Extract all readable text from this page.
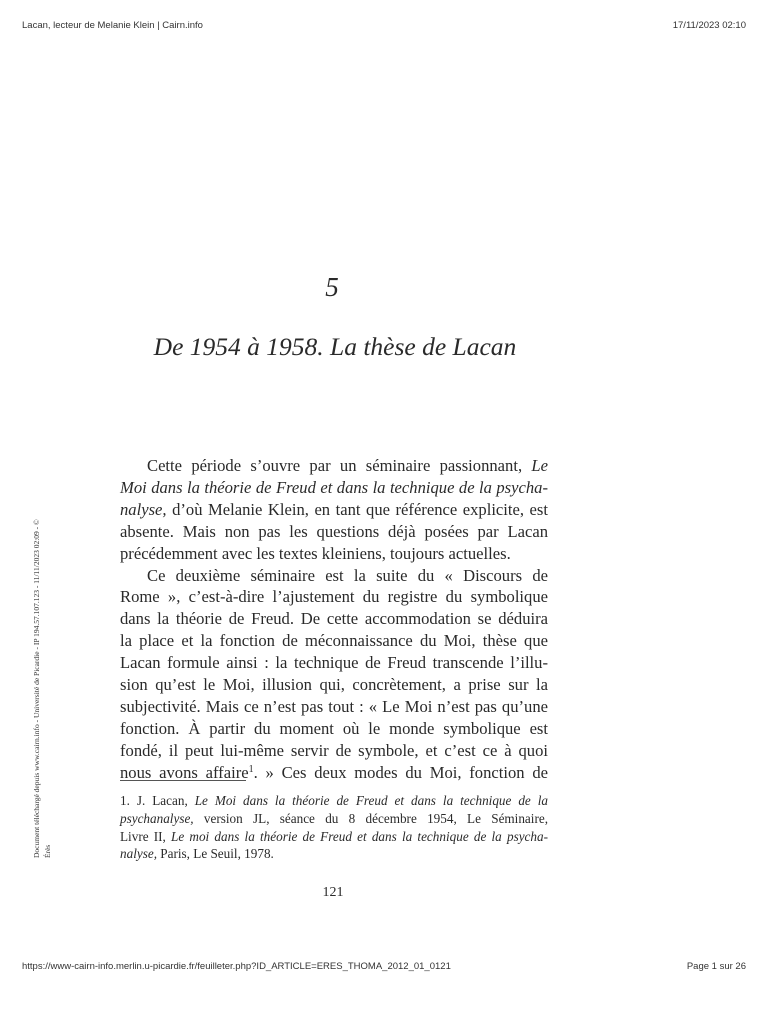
Lacan, lecteur de Melanie Klein | Cairn.info	17/11/2023 02:10
Document téléchargé depuis www.cairn.info - Université de Picardie - IP 194.57.107.123 - 11/11/2023 02:09 - © Érès
5
De 1954 à 1958. La thèse de Lacan
Cette période s’ouvre par un séminaire passionnant, Le
Moi dans la théorie de Freud et dans la technique de la psycha-
nalyse, d’où Melanie Klein, en tant que référence explicite, est
absente. Mais non pas les questions déjà posées par Lacan
précédemment avec les textes kleiniens, toujours actuelles.
Ce deuxième séminaire est la suite du « Discours de
Rome », c’est-à-dire l’ajustement du registre du symbolique
dans la théorie de Freud. De cette accommodation se déduira
la place et la fonction de méconnaissance du Moi, thèse que
Lacan formule ainsi : la technique de Freud transcende l’illu-
sion qu’est le Moi, illusion qui, concrètement, a prise sur la
subjectivité. Mais ce n’est pas tout : « Le Moi n’est pas qu’une
fonction. À partir du moment où le monde symbolique est
fondé, il peut lui-même servir de symbole, et c’est ce à quoi
nous avons affaire$^1$. » Ces deux modes du Moi, fonction de
1. J. Lacan, Le Moi dans la théorie de Freud et dans la technique de la
psychanalyse, version JL, séance du 8 décembre 1954, Le Séminaire,
Livre II, Le moi dans la théorie de Freud et dans la technique de la psycha-
nalyse, Paris, Le Seuil, 1978.
121
https://www-cairn-info.merlin.u-picardie.fr/feuilleter.php?ID_ARTICLE=ERES_THOMA_2012_01_0121	Page 1 sur 26
